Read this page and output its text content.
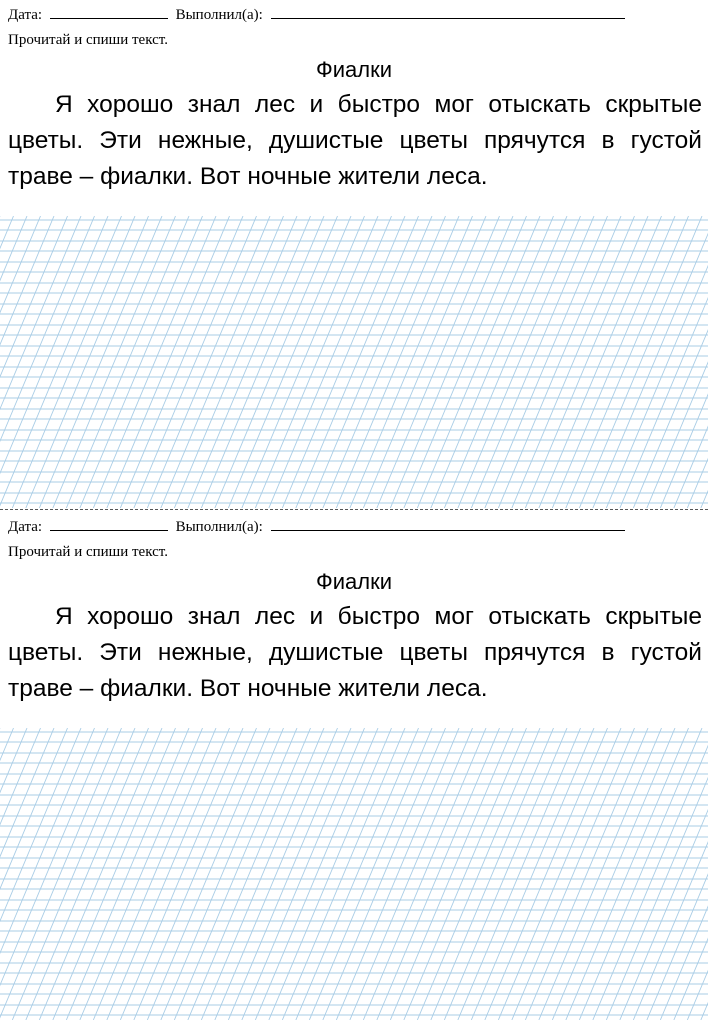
Дата:	Выполнил(а):
Прочитай и спиши текст.
Фиалки

Я хорошо знал лес и быстро мог отыскать скрытые цветы. Эти нежные, душистые цветы прячутся в густой траве – фиалки. Вот ночные жители леса.

Дата:	Выполнил(а):
Прочитай и спиши текст.
Фиалки

Я хорошо знал лес и быстро мог отыскать скрытые цветы. Эти нежные, душистые цветы прячутся в густой траве – фиалки. Вот ночные жители леса.
